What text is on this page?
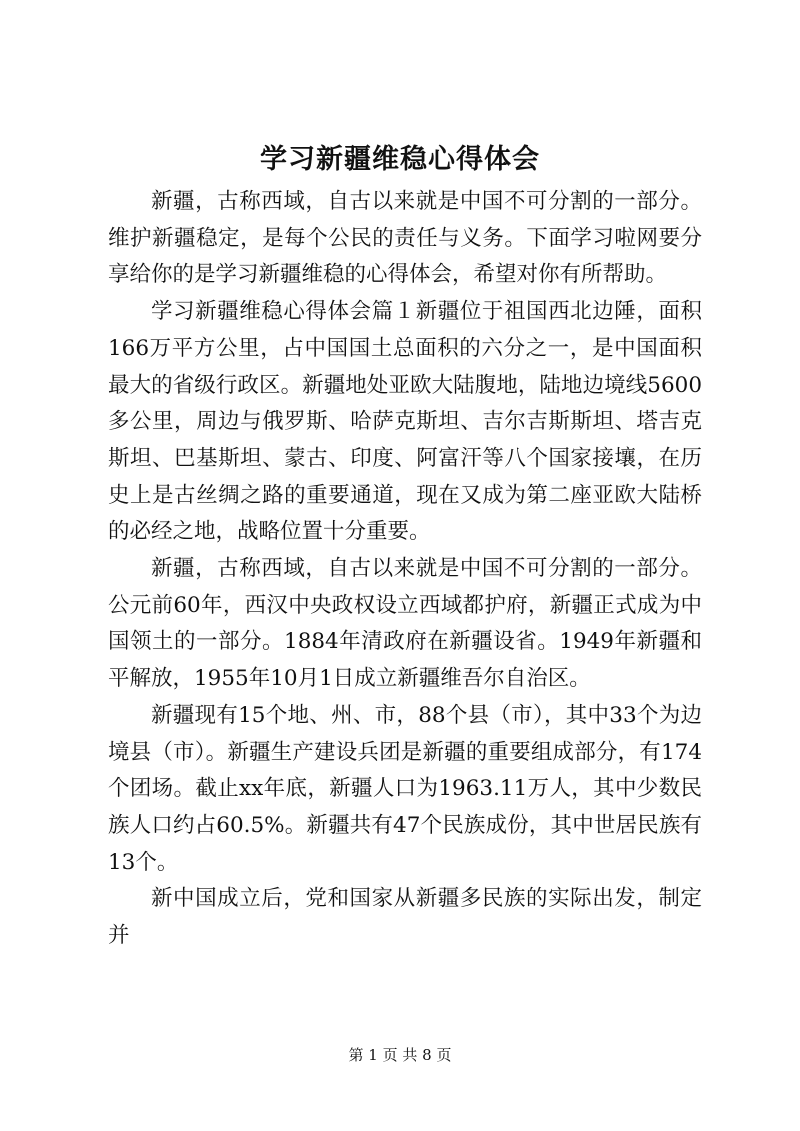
学习新疆维稳心得体会

新疆，古称西域，自古以来就是中国不可分割的一部分。维护新疆稳定，是每个公民的责任与义务。下面学习啦网要分享给你的是学习新疆维稳的心得体会，希望对你有所帮助。

学习新疆维稳心得体会篇１新疆位于祖国西北边陲，面积166万平方公里，占中国国土总面积的六分之一，是中国面积最大的省级行政区。新疆地处亚欧大陆腹地，陆地边境线5600多公里，周边与俄罗斯、哈萨克斯坦、吉尔吉斯斯坦、塔吉克斯坦、巴基斯坦、蒙古、印度、阿富汗等八个国家接壤，在历史上是古丝绸之路的重要通道，现在又成为第二座亚欧大陆桥的必经之地，战略位置十分重要。

新疆，古称西域，自古以来就是中国不可分割的一部分。公元前60年，西汉中央政权设立西域都护府，新疆正式成为中国领土的一部分。1884年清政府在新疆设省。1949年新疆和平解放，1955年10月1日成立新疆维吾尔自治区。

新疆现有15个地、州、市，88个县（市），其中33个为边境县（市）。新疆生产建设兵团是新疆的重要组成部分，有174个团场。截止xx年底，新疆人口为1963.11万人，其中少数民族人口约占60.5%。新疆共有47个民族成份，其中世居民族有13个。

新中国成立后，党和国家从新疆多民族的实际出发，制定并

第 1 页 共 8 页
